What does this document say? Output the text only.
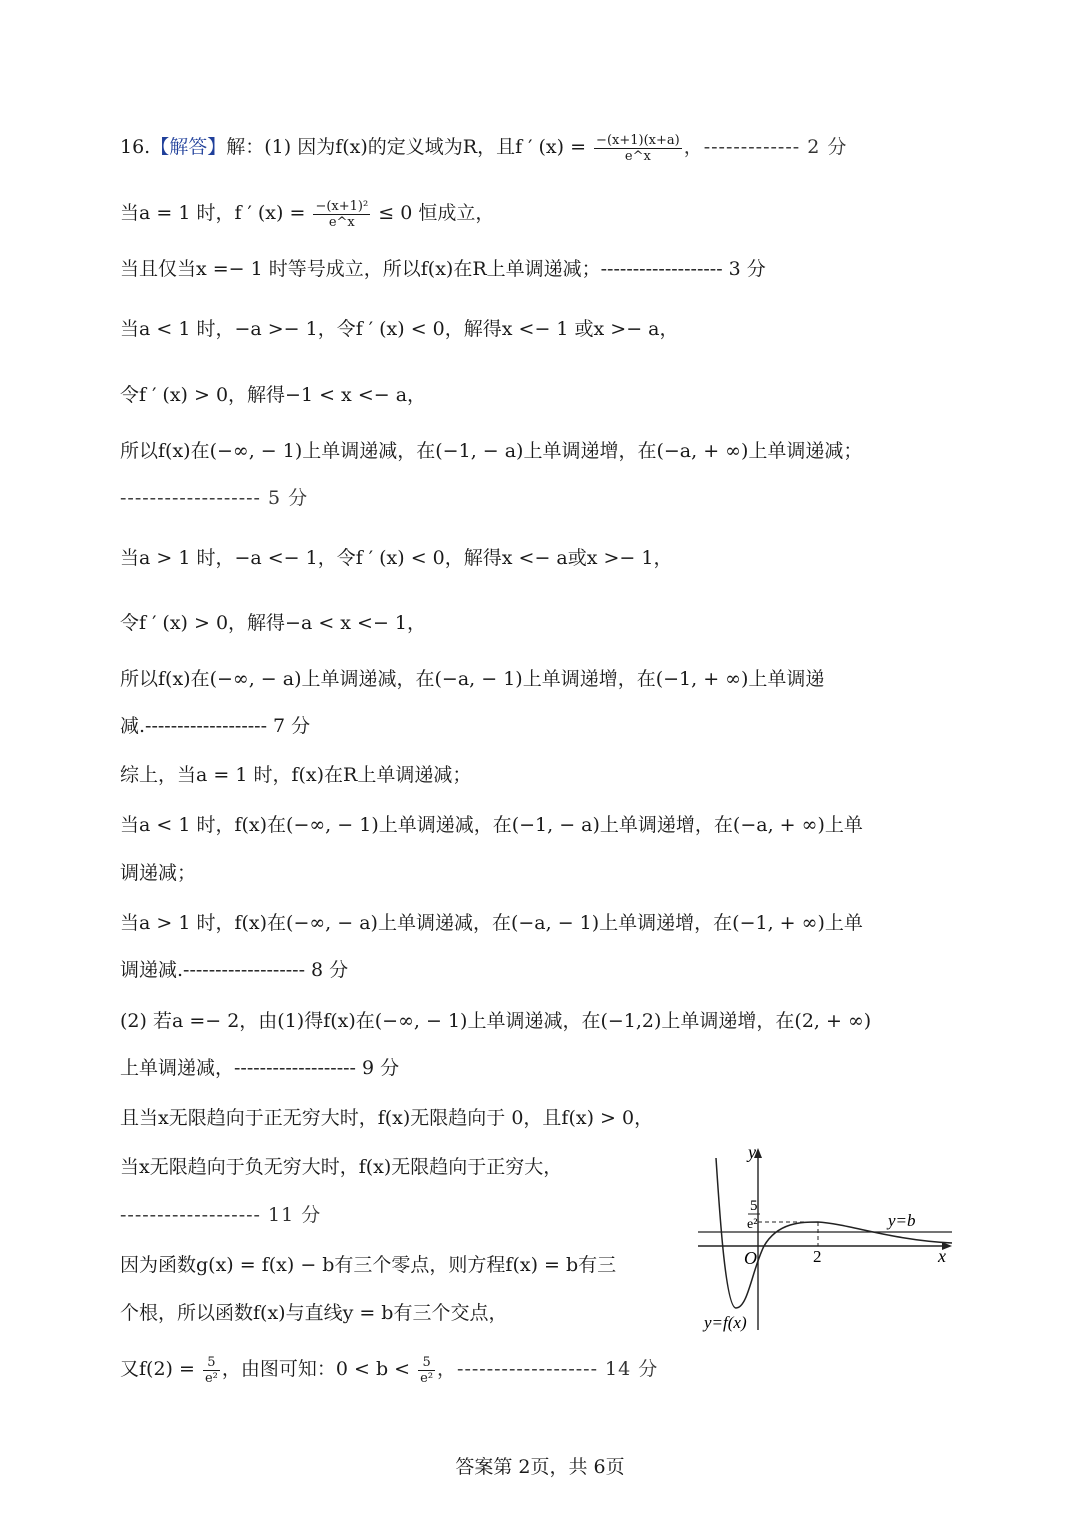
16.【解答】解：(1) 因为f(x)的定义域为R，且f ′ $(x) = \frac{-(x+1)(x+a)}{e\^{}x}$ ，------------- 2 分
当a = 1 时，f ′ $(x) = \frac{\text{−(x+1)²}}{e\^{}x} \le 0$ 恒成立，
当且仅当x =− 1 时等号成立，所以f(x)在R上单调递减；------------------- 3 分
当a < 1 时，−a >− 1，令f ′ (x) < 0，解得x <− 1 或x >− a，
令f ′ (x) > 0，解得−1 < x <− a，
所以f(x)在(−∞, − 1)上单调递减，在(−1, − a)上单调递增，在(−a, + ∞)上单调递减；
------------------- 5 分
当a > 1 时，−a <− 1，令f ′ (x) < 0，解得x <− a或x >− 1，
令f ′ (x) > 0，解得−a < x <− 1，
所以f(x)在(−∞, − a)上单调递减，在(−a, − 1)上单调递增，在(−1, + ∞)上单调递
减.------------------- 7 分
综上，当a = 1 时，f(x)在R上单调递减；
当a < 1 时，f(x)在(−∞, − 1)上单调递减，在(−1, − a)上单调递增，在(−a, + ∞)上单
调递减；
当a > 1 时，f(x)在(−∞, − a)上单调递减，在(−a, − 1)上单调递增，在(−1, + ∞)上单
调递减.------------------- 8 分
(2) 若a =− 2，由(1)得f(x)在(−∞, − 1)上单调递减，在(−1,2)上单调递增，在(2, + ∞)
上单调递减，------------------- 9 分
且当x无限趋向于正无穷大时，f(x)无限趋向于 0，且f(x) > 0，
当x无限趋向于负无穷大时，f(x)无限趋向于正穷大，
------------------- 11 分
因为函数g(x) = f(x) − b有三个零点，则方程f(x) = b有三
个根，所以函数f(x)与直线y = b有三个交点，
又$f(2) = \frac{5}{\text{e²}}$ ，由图可知：$0 < b < \frac{5}{\text{e²}}$ ，------------------- 14 分
y
x
O	2
5
e²	y=b
y=f(x)
答案第 2页，共 6页
